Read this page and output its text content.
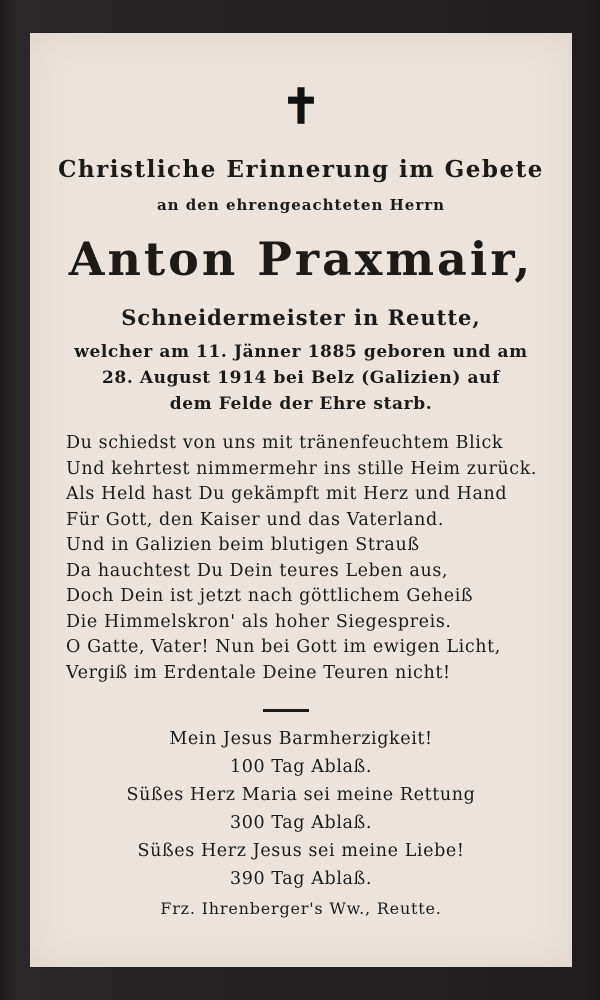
✝
Christliche Erinnerung im Gebete
an den ehrengeachteten Herrn
Anton Praxmair,
Schneidermeister in Reutte,
welcher am 11. Jänner 1885 geboren und am
28. August 1914 bei Belz (Galizien) auf
dem Felde der Ehre starb.
Du schiedst von uns mit tränenfeuchtem Blick
Und kehrtest nimmermehr ins stille Heim zurück.
Als Held hast Du gekämpft mit Herz und Hand
Für Gott, den Kaiser und das Vaterland.
Und in Galizien beim blutigen Strauß
Da hauchtest Du Dein teures Leben aus,
Doch Dein ist jetzt nach göttlichem Geheiß
Die Himmelskron' als hoher Siegespreis.
O Gatte, Vater! Nun bei Gott im ewigen Licht,
Vergiß im Erdentale Deine Teuren nicht!
Mein Jesus Barmherzigkeit!
100 Tag Ablaß.
Süßes Herz Maria sei meine Rettung
300 Tag Ablaß.
Süßes Herz Jesus sei meine Liebe!
390 Tag Ablaß.
Frz. Ihrenberger's Ww., Reutte.
